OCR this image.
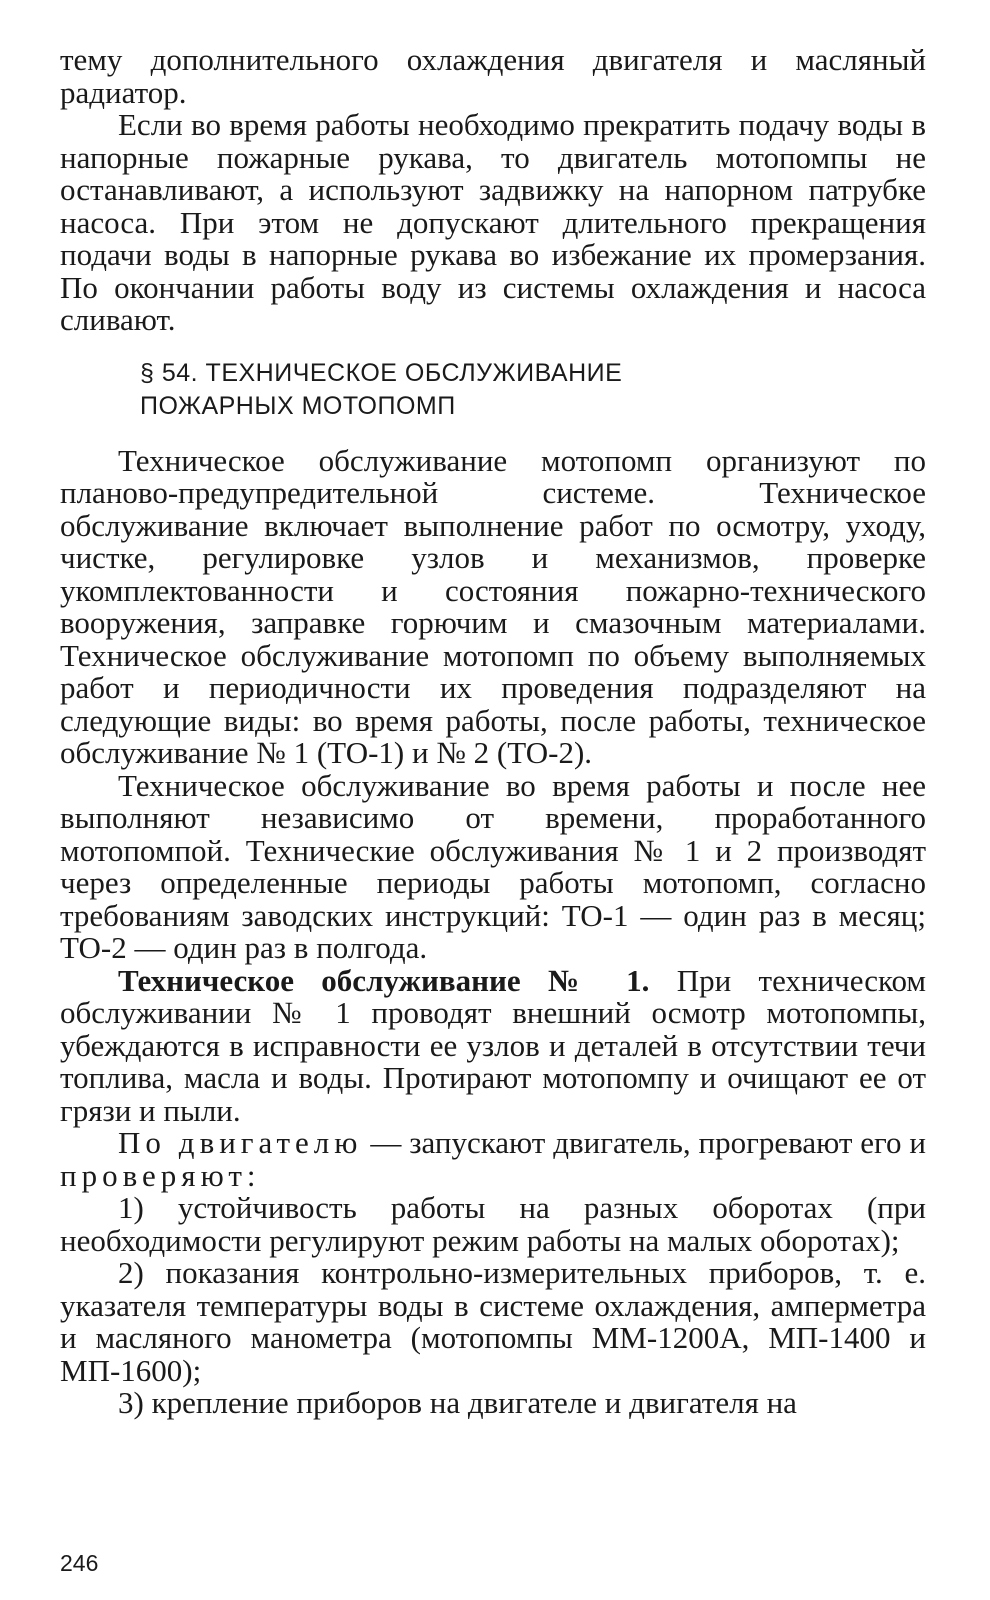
тему дополнительного охлаждения двигателя и масляный радиатор.

Если во время работы необходимо прекратить подачу воды в напорные пожарные рукава, то двигатель мотопомпы не останавливают, а используют задвижку на напорном патрубке насоса. При этом не допускают длительного прекращения подачи воды в напорные рукава во избежание их промерзания. По окончании работы воду из системы охлаждения и насоса сливают.

§ 54. ТЕХНИЧЕСКОЕ ОБСЛУЖИВАНИЕ
ПОЖАРНЫХ МОТОПОМП

Техническое обслуживание мотопомп организуют по планово-предупредительной системе. Техническое обслуживание включает выполнение работ по осмотру, уходу, чистке, регулировке узлов и механизмов, проверке укомплектованности и состояния пожарно-технического вооружения, заправке горючим и смазочным материалами. Техническое обслуживание мотопомп по объему выполняемых работ и периодичности их проведения подразделяют на следующие виды: во время работы, после работы, техническое обслуживание № 1 (ТО-1) и № 2 (ТО-2).

Техническое обслуживание во время работы и после нее выполняют независимо от времени, проработанного мотопомпой. Технические обслуживания № 1 и 2 производят через определенные периоды работы мотопомп, согласно требованиям заводских инструкций: ТО-1 — один раз в месяц; ТО-2 — один раз в полгода.

Техническое обслуживание № 1. При техническом обслуживании № 1 проводят внешний осмотр мотопомпы, убеждаются в исправности ее узлов и деталей в отсутствии течи топлива, масла и воды. Протирают мотопомпу и очищают ее от грязи и пыли.

По двигателю — запускают двигатель, прогревают его и проверяют:

1) устойчивость работы на разных оборотах (при необходимости регулируют режим работы на малых оборотах);

2) показания контрольно-измерительных приборов, т. е. указателя температуры воды в системе охлаждения, амперметра и масляного манометра (мотопомпы ММ-1200А, МП-1400 и МП-1600);

3) крепление приборов на двигателе и двигателя на

246
